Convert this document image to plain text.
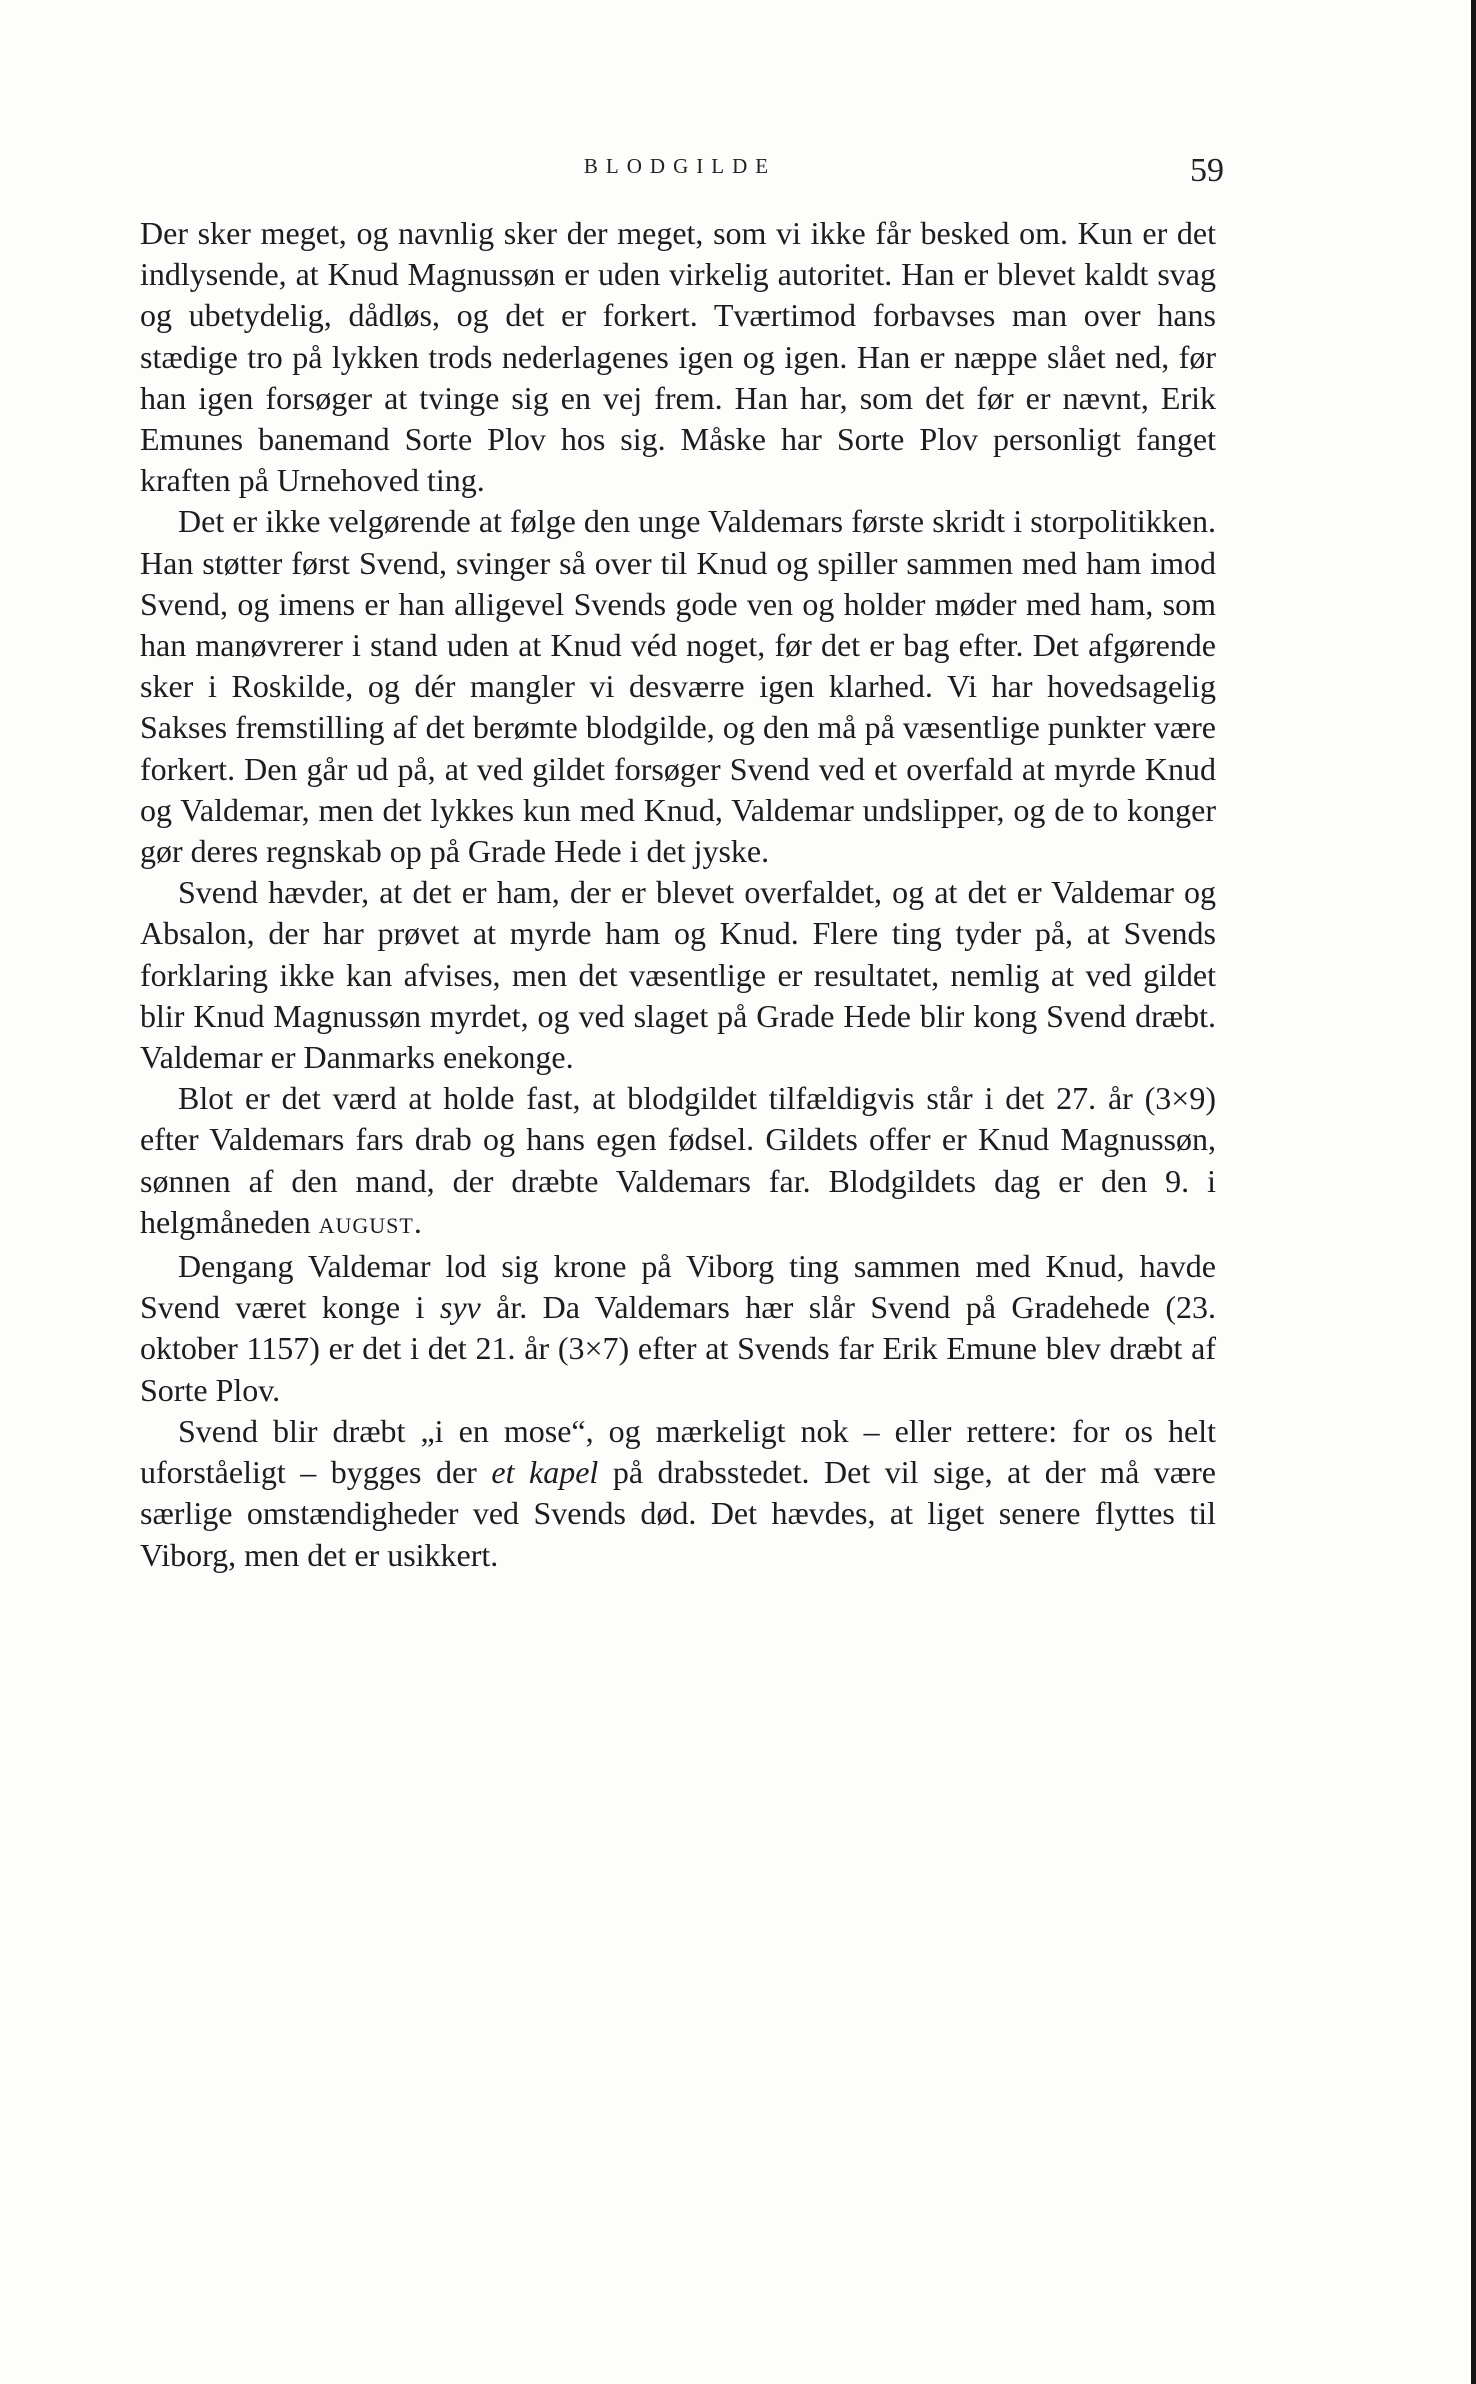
BLODGILDE	59

Der sker meget, og navnlig sker der meget, som vi ikke får besked om. Kun er det indlysende, at Knud Magnussøn er uden virkelig autoritet. Han er blevet kaldt svag og ubetydelig, dådløs, og det er forkert. Tværtimod forbavses man over hans stædige tro på lykken trods nederlagenes igen og igen. Han er næppe slået ned, før han igen forsøger at tvinge sig en vej frem. Han har, som det før er nævnt, Erik Emunes banemand Sorte Plov hos sig. Måske har Sorte Plov personligt fanget kraften på Urnehoved ting.

Det er ikke velgørende at følge den unge Valdemars første skridt i storpolitikken. Han støtter først Svend, svinger så over til Knud og spiller sammen med ham imod Svend, og imens er han alligevel Svends gode ven og holder møder med ham, som han manøvrerer i stand uden at Knud véd noget, før det er bag efter. Det afgørende sker i Roskilde, og dér mangler vi desværre igen klarhed. Vi har hovedsagelig Sakses fremstilling af det berømte blodgilde, og den må på væsentlige punkter være forkert. Den går ud på, at ved gildet forsøger Svend ved et overfald at myrde Knud og Valdemar, men det lykkes kun med Knud, Valdemar undslipper, og de to konger gør deres regnskab op på Grade Hede i det jyske.

Svend hævder, at det er ham, der er blevet overfaldet, og at det er Valdemar og Absalon, der har prøvet at myrde ham og Knud. Flere ting tyder på, at Svends forklaring ikke kan afvises, men det væsentlige er resultatet, nemlig at ved gildet blir Knud Magnussøn myrdet, og ved slaget på Grade Hede blir kong Svend dræbt. Valdemar er Danmarks enekonge.

Blot er det værd at holde fast, at blodgildet tilfældigvis står i det 27. år (3×9) efter Valdemars fars drab og hans egen fødsel. Gildets offer er Knud Magnussøn, sønnen af den mand, der dræbte Valdemars far. Blodgildets dag er den 9. i helgmåneden AUGUST.

Dengang Valdemar lod sig krone på Viborg ting sammen med Knud, havde Svend været konge i syv år. Da Valdemars hær slår Svend på Gradehede (23. oktober 1157) er det i det 21. år (3×7) efter at Svends far Erik Emune blev dræbt af Sorte Plov.

Svend blir dræbt „i en mose“, og mærkeligt nok – eller rettere: for os helt uforståeligt – bygges der et kapel på drabsstedet. Det vil sige, at der må være særlige omstændigheder ved Svends død. Det hævdes, at liget senere flyttes til Viborg, men det er usikkert.
